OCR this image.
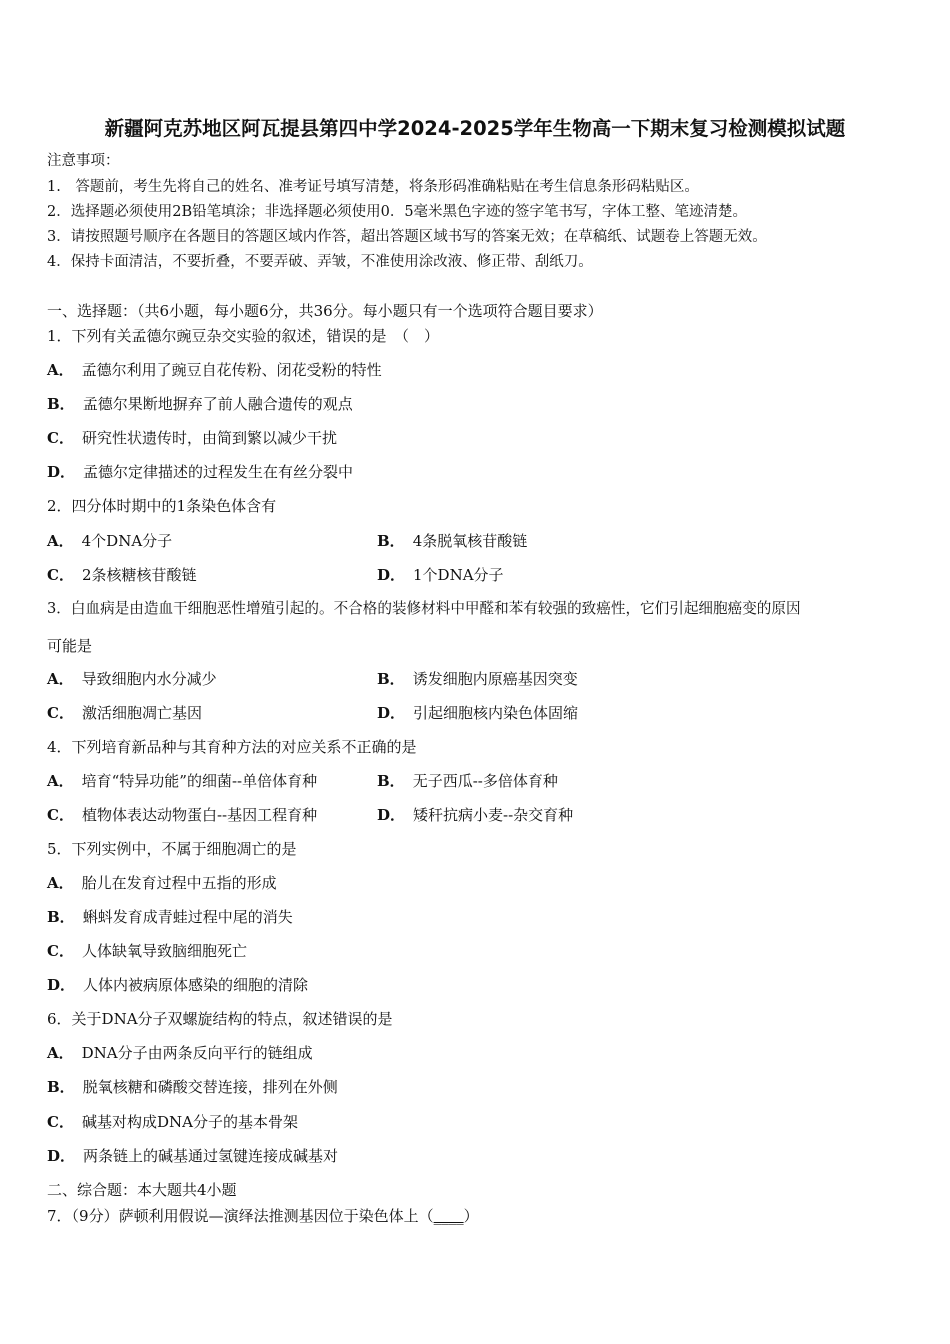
新疆阿克苏地区阿瓦提县第四中学2024-2025学年生物高一下期末复习检测模拟试题
注意事项：
1.　答题前，考生先将自己的姓名、准考证号填写清楚，将条形码准确粘贴在考生信息条形码粘贴区。
2．选择题必须使用2B铅笔填涂；非选择题必须使用0．5毫米黑色字迹的签字笔书写，字体工整、笔迹清楚。
3．请按照题号顺序在各题目的答题区域内作答，超出答题区域书写的答案无效；在草稿纸、试题卷上答题无效。
4．保持卡面清洁，不要折叠，不要弄破、弄皱，不准使用涂改液、修正带、刮纸刀。
一、选择题：（共6小题，每小题6分，共36分。每小题只有一个选项符合题目要求）
1．下列有关孟德尔豌豆杂交实验的叙述，错误的是　（　）
A． 孟德尔利用了豌豆自花传粉、闭花受粉的特性
B． 孟德尔果断地摒弃了前人融合遗传的观点
C． 研究性状遗传时，由简到繁以减少干扰
D． 孟德尔定律描述的过程发生在有丝分裂中
2．四分体时期中的1条染色体含有
A． 4个DNA分子	B． 4条脱氧核苷酸链
C． 2条核糖核苷酸链	D． 1个DNA分子
3．白血病是由造血干细胞恶性增殖引起的。不合格的装修材料中甲醛和苯有较强的致癌性，它们引起细胞癌变的原因
可能是
A． 导致细胞内水分减少	B． 诱发细胞内原癌基因突变
C． 激活细胞凋亡基因	D． 引起细胞核内染色体固缩
4．下列培育新品种与其育种方法的对应关系不正确的是
A． 培育“特异功能”的细菌--单倍体育种	B． 无子西瓜--多倍体育种
C． 植物体表达动物蛋白--基因工程育种	D． 矮秆抗病小麦--杂交育种
5．下列实例中，不属于细胞凋亡的是
A． 胎儿在发育过程中五指的形成
B． 蝌蚪发育成青蛙过程中尾的消失
C． 人体缺氧导致脑细胞死亡
D． 人体内被病原体感染的细胞的清除
6．关于DNA分子双螺旋结构的特点，叙述错误的是
A． DNA分子由两条反向平行的链组成
B． 脱氧核糖和磷酸交替连接，排列在外侧
C． 碱基对构成DNA分子的基本骨架
D． 两条链上的碱基通过氢键连接成碱基对
二、综合题：本大题共4小题
7．（9分）萨顿利用假说—演绎法推测基因位于染色体上（____）
